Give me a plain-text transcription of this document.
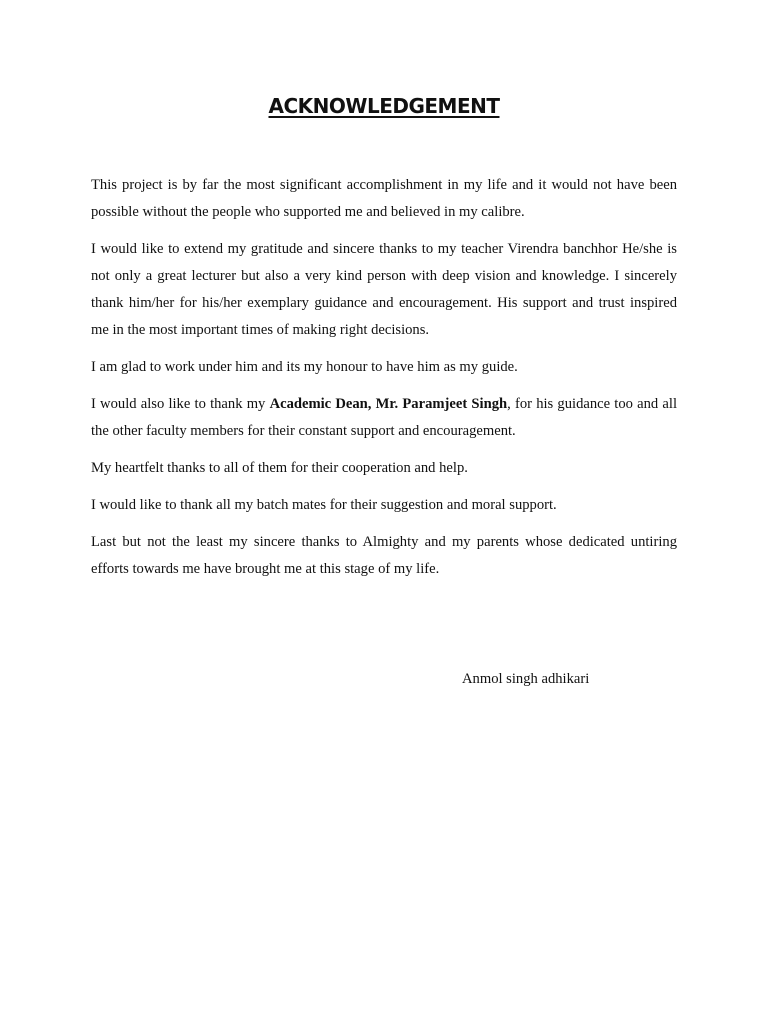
ACKNOWLEDGEMENT

This project is by far the most significant accomplishment in my life and it would not have been possible without the people who supported me and believed in my calibre.

I would like to extend my gratitude and sincere thanks to my teacher Virendra banchhor He/she is not only a great lecturer but also a very kind person with deep vision and knowledge. I sincerely thank him/her for his/her exemplary guidance and encouragement. His support and trust inspired me in the most important times of making right decisions.

I am glad to work under him and its my honour to have him as my guide.

I would also like to thank my Academic Dean, Mr. Paramjeet Singh, for his guidance too and all the other faculty members for their constant support and encouragement.

My heartfelt thanks to all of them for their cooperation and help.

I would like to thank all my batch mates for their suggestion and moral support.

Last but not the least my sincere thanks to Almighty and my parents whose dedicated untiring efforts towards me have brought me at this stage of my life.

Anmol singh adhikari
